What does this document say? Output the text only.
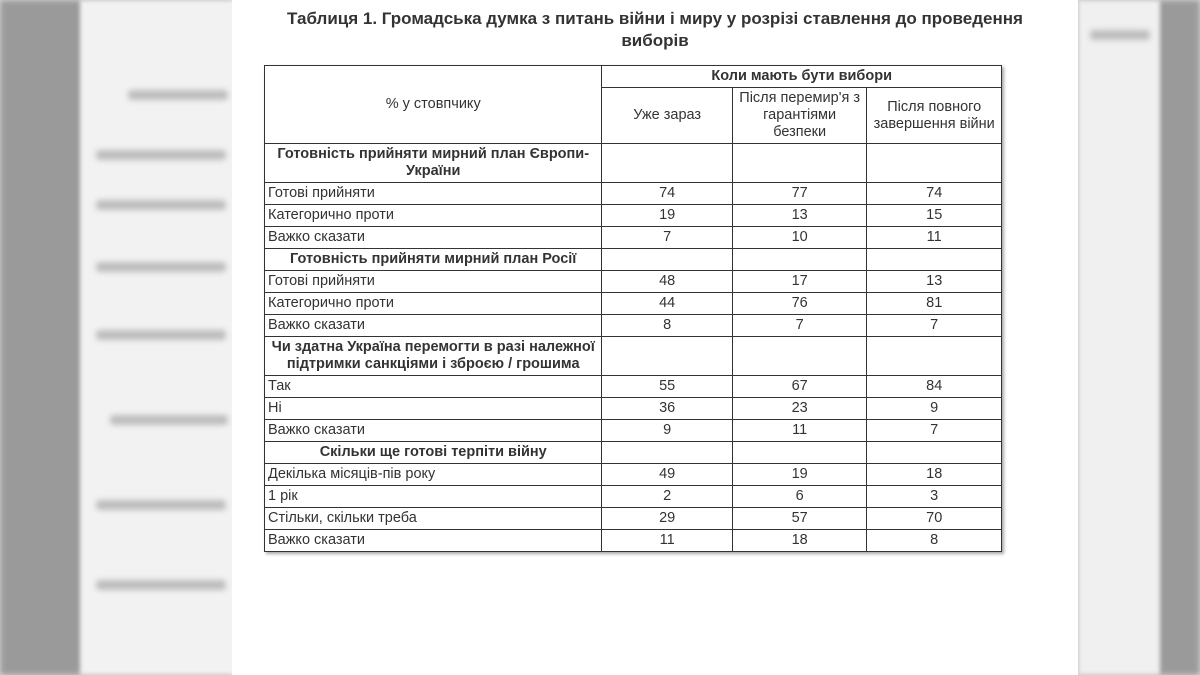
Таблиця 1. Громадська думка з питань війни і миру у розрізі ставлення до проведення
виборів
% у стовпчику	Коли мають бути вибори		
	Уже зараз	Після перемир'я з гарантіями безпеки	Після повного завершення війни
Готовність прийняти мирний план Європи-України			
Готові прийняти	74	77	74
Категорично проти	19	13	15
Важко сказати	7	10	11
Готовність прийняти мирний план Росії			
Готові прийняти	48	17	13
Категорично проти	44	76	81
Важко сказати	8	7	7
Чи здатна Україна перемогти в разі належної підтримки санкціями і зброєю / грошима			
Так	55	67	84
Ні	36	23	9
Важко сказати	9	11	7
Скільки ще готові терпіти війну			
Декілька місяців-пів року	49	19	18
1 рік	2	6	3
Стільки, скільки треба	29	57	70
Важко сказати	11	18	8
